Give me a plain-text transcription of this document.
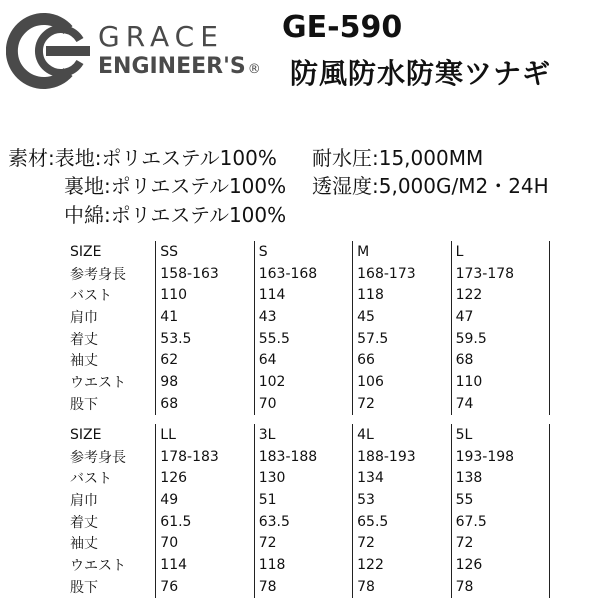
GRACE
ENGINEER'S ®
GE-590
防風防水防寒ツナギ
素材:表地:ポリエステル100%
裏地:ポリエステル100%
中綿:ポリエステル100%
耐水圧:15,000MM
透湿度:5,000G/M2・24H
SIZE	SS	S	M	L
参考身長	158-163	163-168	168-173	173-178
バスト	110	114	118	122
肩巾	41	43	45	47
着丈	53.5	55.5	57.5	59.5
袖丈	62	64	66	68
ウエスト	98	102	106	110
股下	68	70	72	74
SIZE	LL	3L	4L	5L
参考身長	178-183	183-188	188-193	193-198
バスト	126	130	134	138
肩巾	49	51	53	55
着丈	61.5	63.5	65.5	67.5
袖丈	70	72	72	72
ウエスト	114	118	122	126
股下	76	78	78	78
